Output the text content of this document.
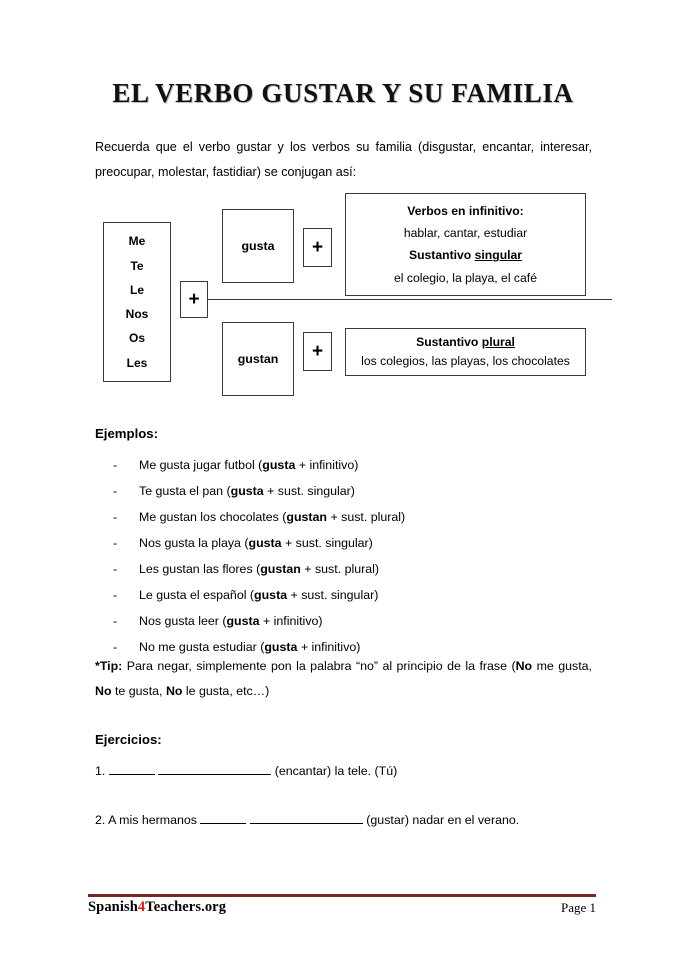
EL VERBO GUSTAR Y SU FAMILIA
Recuerda que el verbo gustar y los verbos su familia (disgustar, encantar, interesar, preocupar, molestar, fastidiar) se conjugan así:
Me
Te
Le
Nos
Os
Les
+
gusta	+
Verbos en infinitivo:
hablar, cantar, estudiar
Sustantivo singular
el colegio, la playa, el café
gustan	+	Sustantivo plural
los colegios, las playas, los chocolates
Ejemplos:
-	Me gusta jugar futbol (gusta + infinitivo)
-	Te gusta el pan (gusta + sust. singular)
-	Me gustan los chocolates (gustan + sust. plural)
-	Nos gusta la playa (gusta + sust. singular)
-	Les gustan las flores (gustan + sust. plural)
-	Le gusta el español (gusta + sust. singular)
-	Nos gusta leer (gusta + infinitivo)
-	No me gusta estudiar (gusta + infinitivo)
*Tip: Para negar, simplemente pon la palabra “no” al principio de la frase (No me gusta, No te gusta, No le gusta, etc…)
Ejercicios:
1.	(encantar) la tele. (Tú)
2. A mis hermanos	(gustar) nadar en el verano.
Spanish4Teachers.org	Page 1
